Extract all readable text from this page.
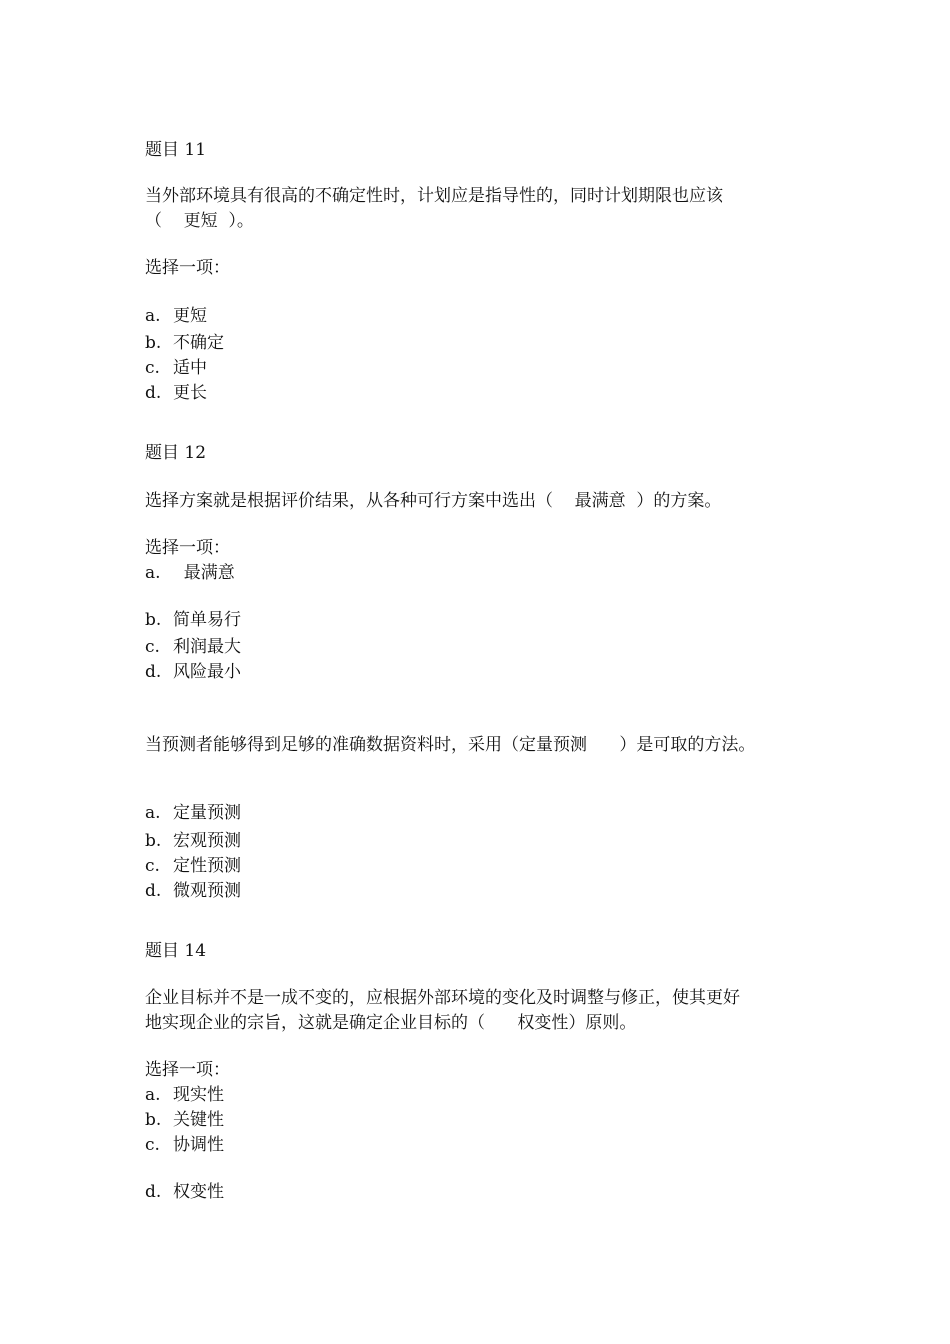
题目 11
当外部环境具有很高的不确定性时，计划应是指导性的，同时计划期限也应该
（    更短  ）。
选择一项：
a. 更短
b. 不确定
c. 适中
d. 更长
题目 12
选择方案就是根据评价结果，从各种可行方案中选出（    最满意  ）的方案。
选择一项：
a.  最满意
b. 简单易行
c. 利润最大
d. 风险最小
当预测者能够得到足够的准确数据资料时，采用（定量预测      ）是可取的方法。
a. 定量预测
b. 宏观预测
c. 定性预测
d. 微观预测
题目 14
企业目标并不是一成不变的，应根据外部环境的变化及时调整与修正，使其更好
地实现企业的宗旨，这就是确定企业目标的（      权变性）原则。
选择一项：
a. 现实性
b. 关键性
c. 协调性
d. 权变性
